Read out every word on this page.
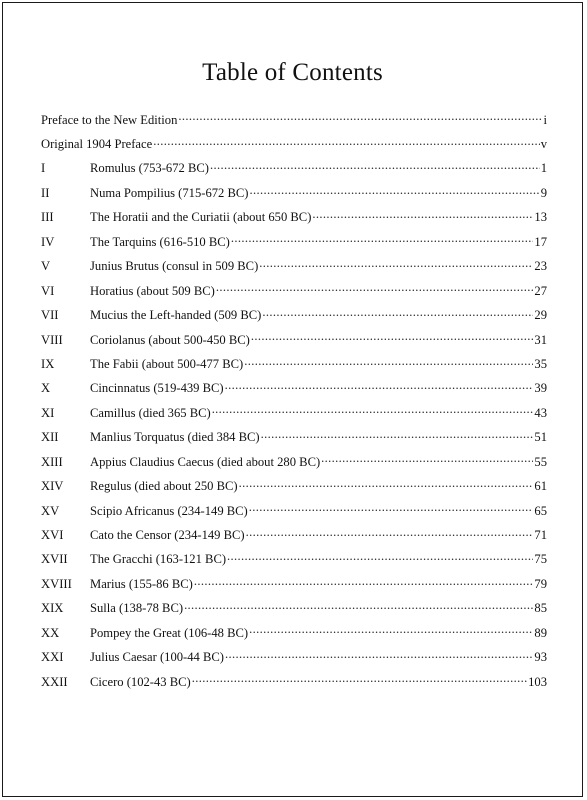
Table of Contents
Preface to the New Edition .....	i
Original 1904 Preface .....	v
I	Romulus (753-672 BC) .....	1
II	Numa Pompilius (715-672 BC) .....	9
III	The Horatii and the Curiatii (about 650 BC) .....	13
IV	The Tarquins (616-510 BC) .....	17
V	Junius Brutus (consul in 509 BC) .....	23
VI	Horatius (about 509 BC) .....	27
VII	Mucius the Left-handed (509 BC) .....	29
VIII	Coriolanus (about 500-450 BC) .....	31
IX	The Fabii (about 500-477 BC) .....	35
X	Cincinnatus (519-439 BC) .....	39
XI	Camillus (died 365 BC) .....	43
XII	Manlius Torquatus (died 384 BC) .....	51
XIII	Appius Claudius Caecus (died about 280 BC) .....	55
XIV	Regulus (died about 250 BC) .....	61
XV	Scipio Africanus (234-149 BC) .....	65
XVI	Cato the Censor (234-149 BC) .....	71
XVII	The Gracchi (163-121 BC) .....	75
XVIII	Marius (155-86 BC) .....	79
XIX	Sulla (138-78 BC) .....	85
XX	Pompey the Great (106-48 BC) .....	89
XXI	Julius Caesar (100-44 BC) .....	93
XXII	Cicero (102-43 BC) .....	103
